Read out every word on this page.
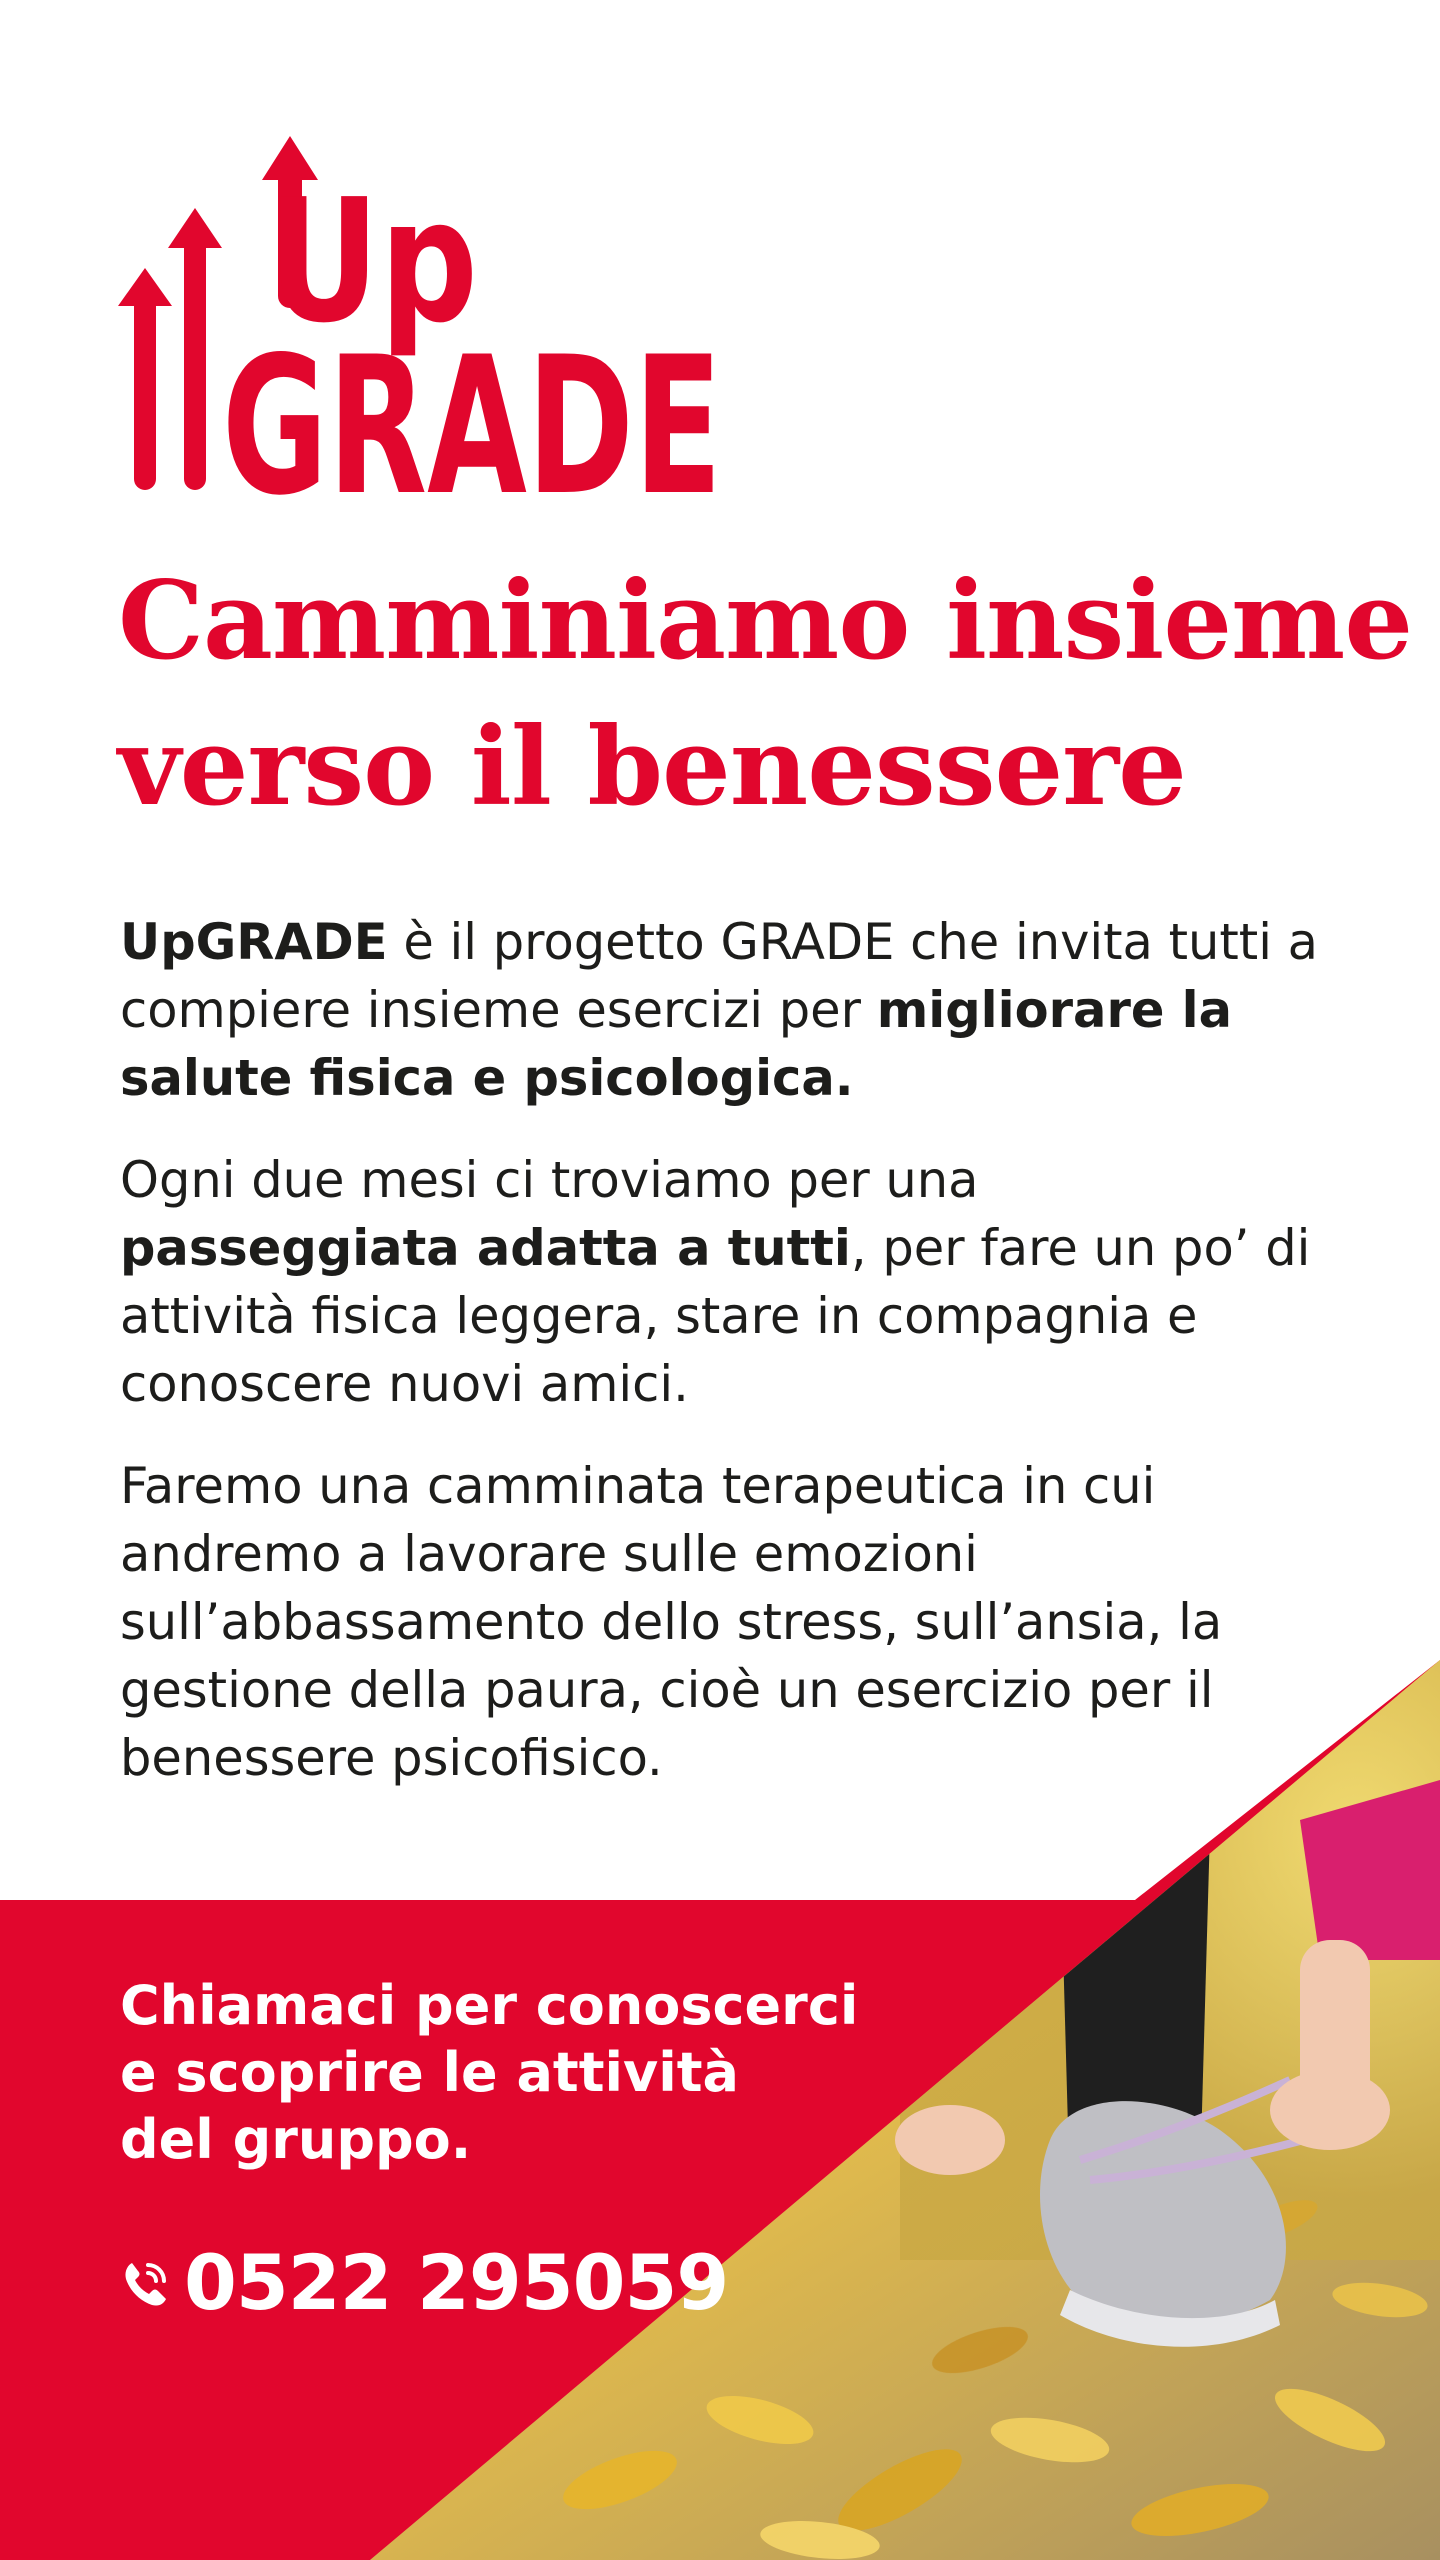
Up
GRADE
Camminiamo insieme
verso il benessere

UpGRADE è il progetto GRADE che invita tutti a compiere insieme esercizi per migliorare la salute fisica e psicologica.

Ogni due mesi ci troviamo per una passeggiata adatta a tutti, per fare un po’ di attività fisica leggera, stare in compagnia e conoscere nuovi amici.

Faremo una camminata terapeutica in cui andremo a lavorare sulle emozioni sull’abbassamento dello stress, sull’ansia, la gestione della paura, cioè un esercizio per il benessere psicofisico.

Chiamaci per conoscerci
e scoprire le attività
del gruppo.
0522 295059
